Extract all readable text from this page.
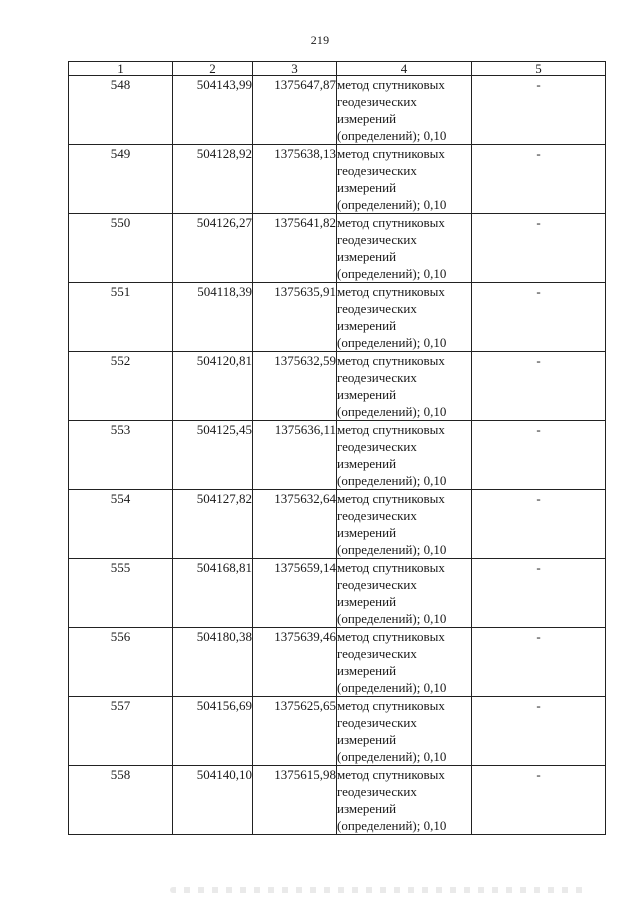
219
1	2	3	4	5
548	504143,99	1375647,87	метод спутниковых
геодезических
измерений
(определений); 0,10	-
549	504128,92	1375638,13	метод спутниковых
геодезических
измерений
(определений); 0,10	-
550	504126,27	1375641,82	метод спутниковых
геодезических
измерений
(определений); 0,10	-
551	504118,39	1375635,91	метод спутниковых
геодезических
измерений
(определений); 0,10	-
552	504120,81	1375632,59	метод спутниковых
геодезических
измерений
(определений); 0,10	-
553	504125,45	1375636,11	метод спутниковых
геодезических
измерений
(определений); 0,10	-
554	504127,82	1375632,64	метод спутниковых
геодезических
измерений
(определений); 0,10	-
555	504168,81	1375659,14	метод спутниковых
геодезических
измерений
(определений); 0,10	-
556	504180,38	1375639,46	метод спутниковых
геодезических
измерений
(определений); 0,10	-
557	504156,69	1375625,65	метод спутниковых
геодезических
измерений
(определений); 0,10	-
558	504140,10	1375615,98	метод спутниковых
геодезических
измерений
(определений); 0,10	-
